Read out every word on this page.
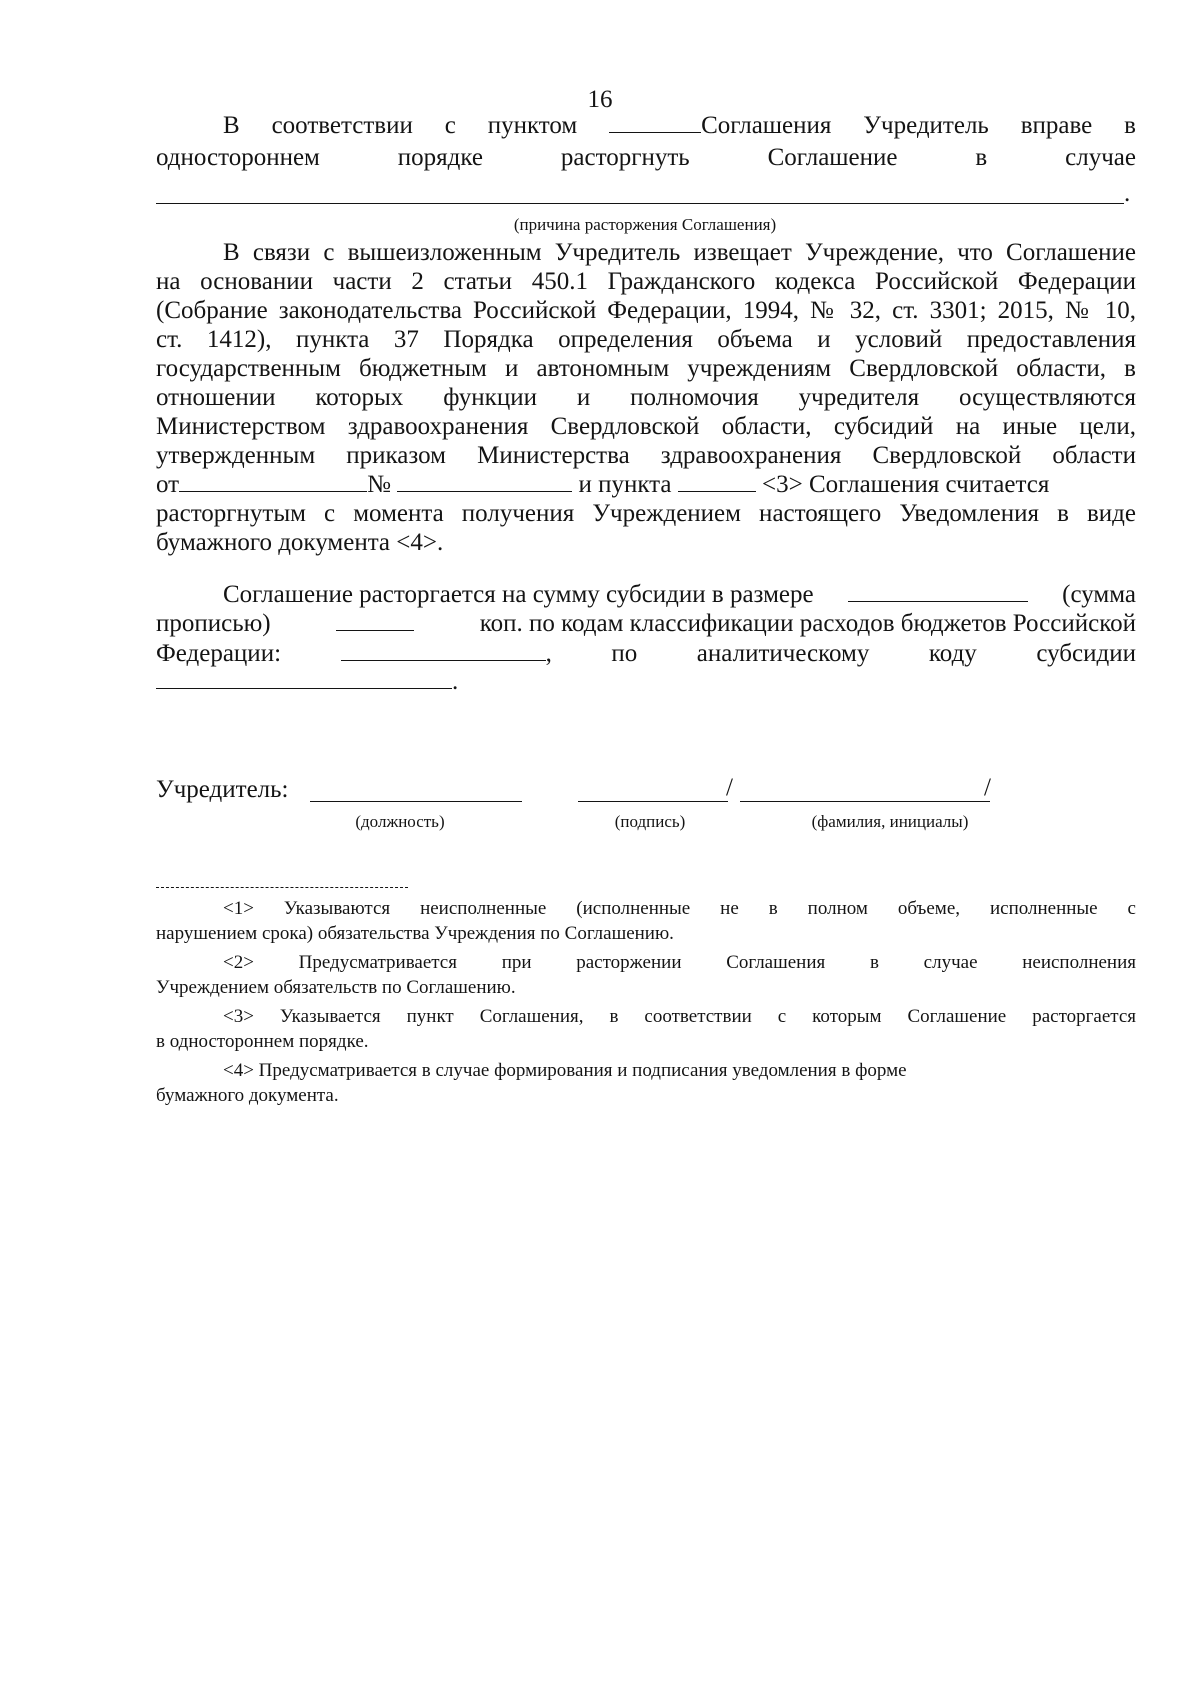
16
В соответствии с пунктом	Соглашения Учредитель вправе в
одностороннем	порядке	расторгнуть	Соглашение	в	случае
.
(причина расторжения Соглашения)
В связи с вышеизложенным Учредитель извещает Учреждение, что Соглашение
на основании части 2 статьи 450.1 Гражданского кодекса Российской Федерации
(Собрание законодательства Российской Федерации, 1994, № 32, ст. 3301; 2015, № 10,
ст. 1412), пункта 37 Порядка определения объема и условий предоставления
государственным бюджетным и автономным учреждениям Свердловской области, в
отношении которых функции и полномочия учредителя осуществляются
Министерством здравоохранения Свердловской области, субсидий на иные цели,
утвержденным приказом Министерства здравоохранения Свердловской области
от	№	и пункта	<3> Соглашения считается
расторгнутым с момента получения Учреждением настоящего Уведомления в виде
бумажного документа <4>.
Соглашение расторгается на сумму субсидии в размере	(сумма
прописью)	коп. по кодам классификации расходов бюджетов Российской
Федерации:	, по аналитическому коду субсидии
.
Учредитель:	/	/
(должность)	(подпись)	(фамилия, инициалы)
<1> Указываются неисполненные (исполненные не в полном объеме, исполненные с
нарушением срока) обязательства Учреждения по Соглашению.
<2> Предусматривается при расторжении Соглашения в случае неисполнения
Учреждением обязательств по Соглашению.
<3> Указывается пункт Соглашения, в соответствии с которым Соглашение расторгается
в одностороннем порядке.
<4> Предусматривается в случае формирования и подписания уведомления в форме
бумажного документа.
